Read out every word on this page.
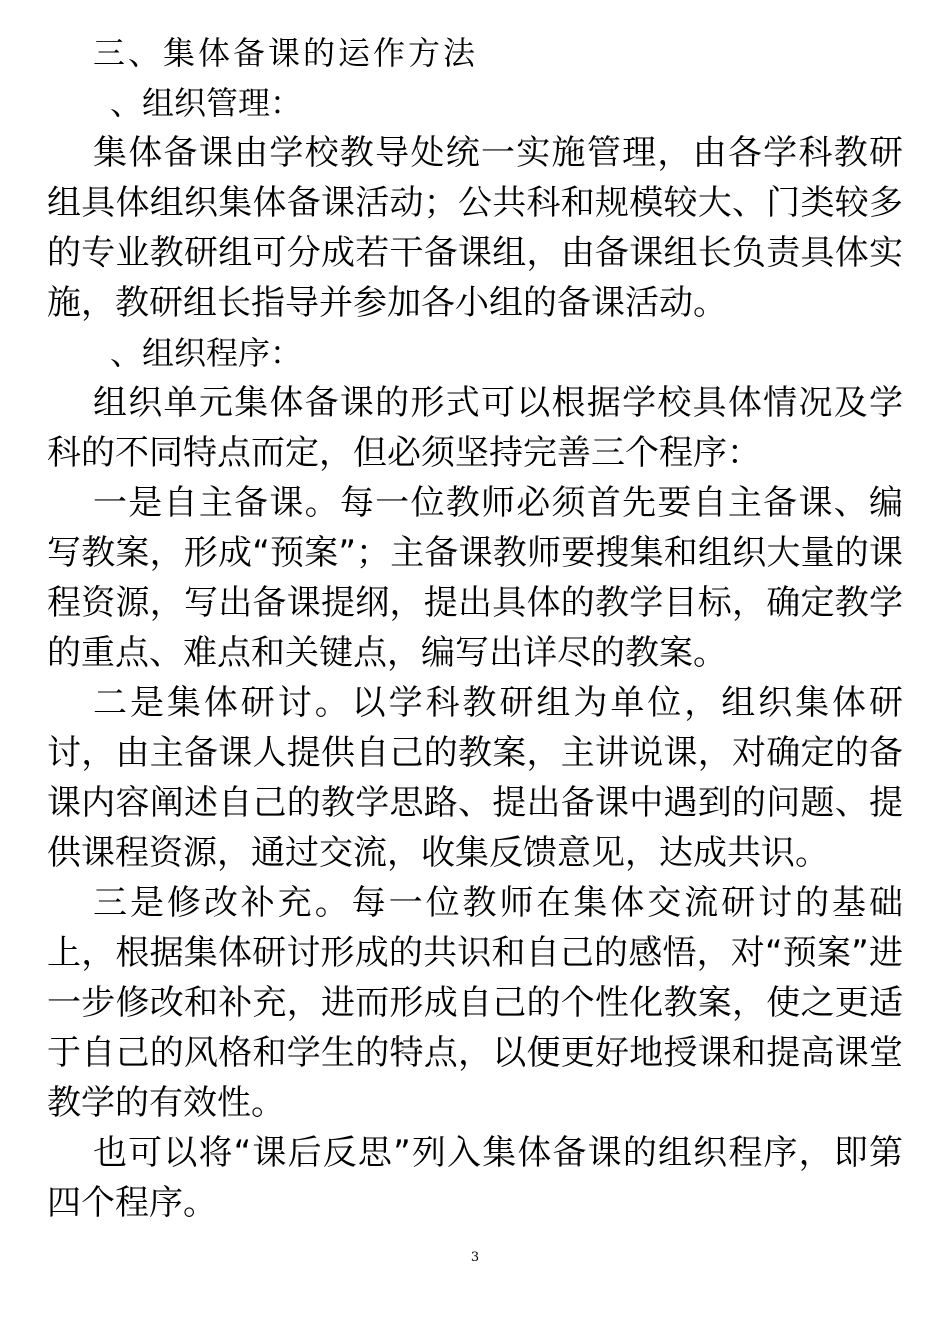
三、集体备课的运作方法
、组织管理：

集体备课由学校教导处统一实施管理，由各学科教研组具体组织集体备课活动；公共科和规模较大、门类较多的专业教研组可分成若干备课组，由备课组长负责具体实施，教研组长指导并参加各小组的备课活动。

、组织程序：

组织单元集体备课的形式可以根据学校具体情况及学科的不同特点而定，但必须坚持完善三个程序：

一是自主备课。每一位教师必须首先要自主备课、编写教案，形成“预案”；主备课教师要搜集和组织大量的课程资源，写出备课提纲，提出具体的教学目标，确定教学的重点、难点和关键点，编写出详尽的教案。

二是集体研讨。以学科教研组为单位，组织集体研讨，由主备课人提供自己的教案，主讲说课，对确定的备课内容阐述自己的教学思路、提出备课中遇到的问题、提供课程资源，通过交流，收集反馈意见，达成共识。

三是修改补充。每一位教师在集体交流研讨的基础上，根据集体研讨形成的共识和自己的感悟，对“预案”进一步修改和补充，进而形成自己的个性化教案，使之更适于自己的风格和学生的特点，以便更好地授课和提高课堂教学的有效性。

也可以将“课后反思”列入集体备课的组织程序，即第四个程序。

3
